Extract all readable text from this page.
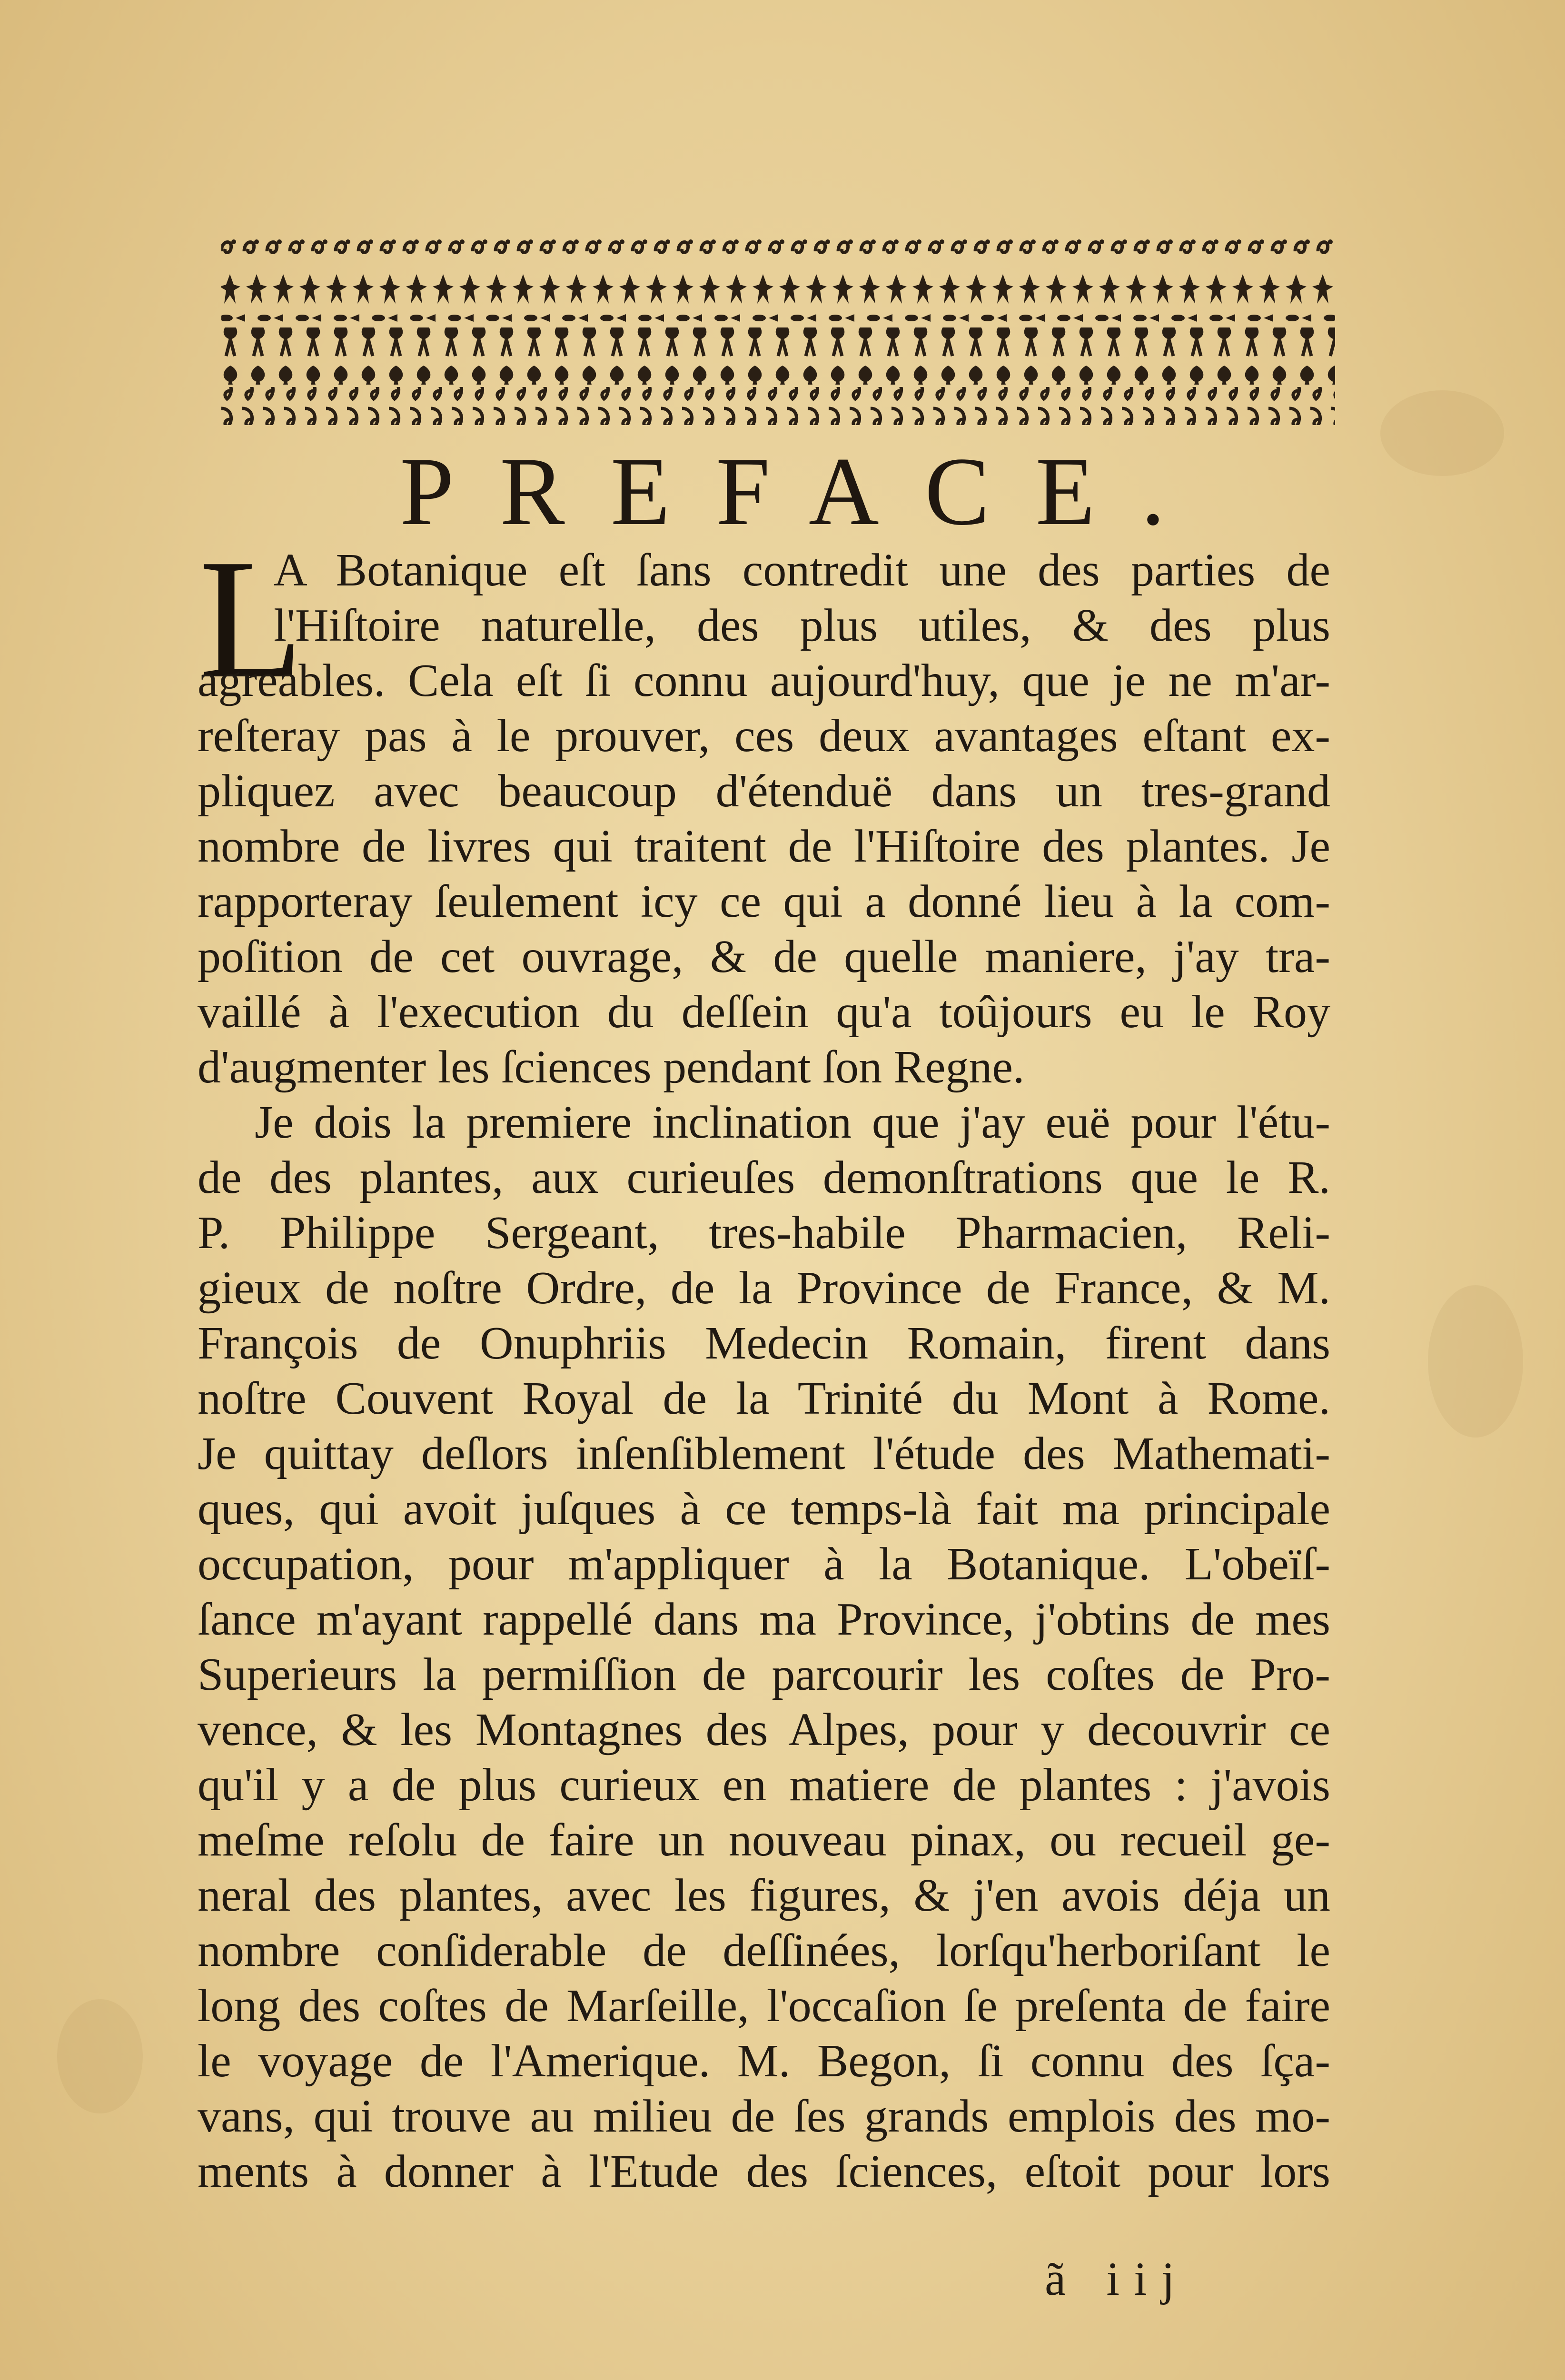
PREFACE.
L
A Botanique eſt ſans contredit une des parties de
l'Hiſtoire naturelle, des plus utiles, & des plus
agreables. Cela eſt ſi connu aujourd'huy, que je ne m'ar-
reſteray pas à le prouver, ces deux avantages eſtant ex-
pliquez avec beaucoup d'étenduë dans un tres-grand
nombre de livres qui traitent de l'Hiſtoire des plantes. Je
rapporteray ſeulement icy ce qui a donné lieu à la com-
poſition de cet ouvrage, & de quelle maniere, j'ay tra-
vaillé à l'execution du deſſein qu'a toûjours eu le Roy
d'augmenter les ſciences pendant ſon Regne.
Je dois la premiere inclination que j'ay euë pour l'étu-
de des plantes, aux curieuſes demonſtrations que le R.
P. Philippe Sergeant, tres-habile Pharmacien, Reli-
gieux de noſtre Ordre, de la Province de France, & M.
François de Onuphriis Medecin Romain, firent dans
noſtre Couvent Royal de la Trinité du Mont à Rome.
Je quittay deſlors inſenſiblement l'étude des Mathemati-
ques, qui avoit juſques à ce temps-là fait ma principale
occupation, pour m'appliquer à la Botanique. L'obeïſ-
ſance m'ayant rappellé dans ma Province, j'obtins de mes
Superieurs la permiſſion de parcourir les coſtes de Pro-
vence, & les Montagnes des Alpes, pour y decouvrir ce
qu'il y a de plus curieux en matiere de plantes : j'avois
meſme reſolu de faire un nouveau pinax, ou recueil ge-
neral des plantes, avec les figures, & j'en avois déja un
nombre conſiderable de deſſinées, lorſqu'herboriſant le
long des coſtes de Marſeille, l'occaſion ſe preſenta de faire
le voyage de l'Amerique. M. Begon, ſi connu des ſça-
vans, qui trouve au milieu de ſes grands emplois des mo-
ments à donner à l'Etude des ſciences, eſtoit pour lors
ã iij
